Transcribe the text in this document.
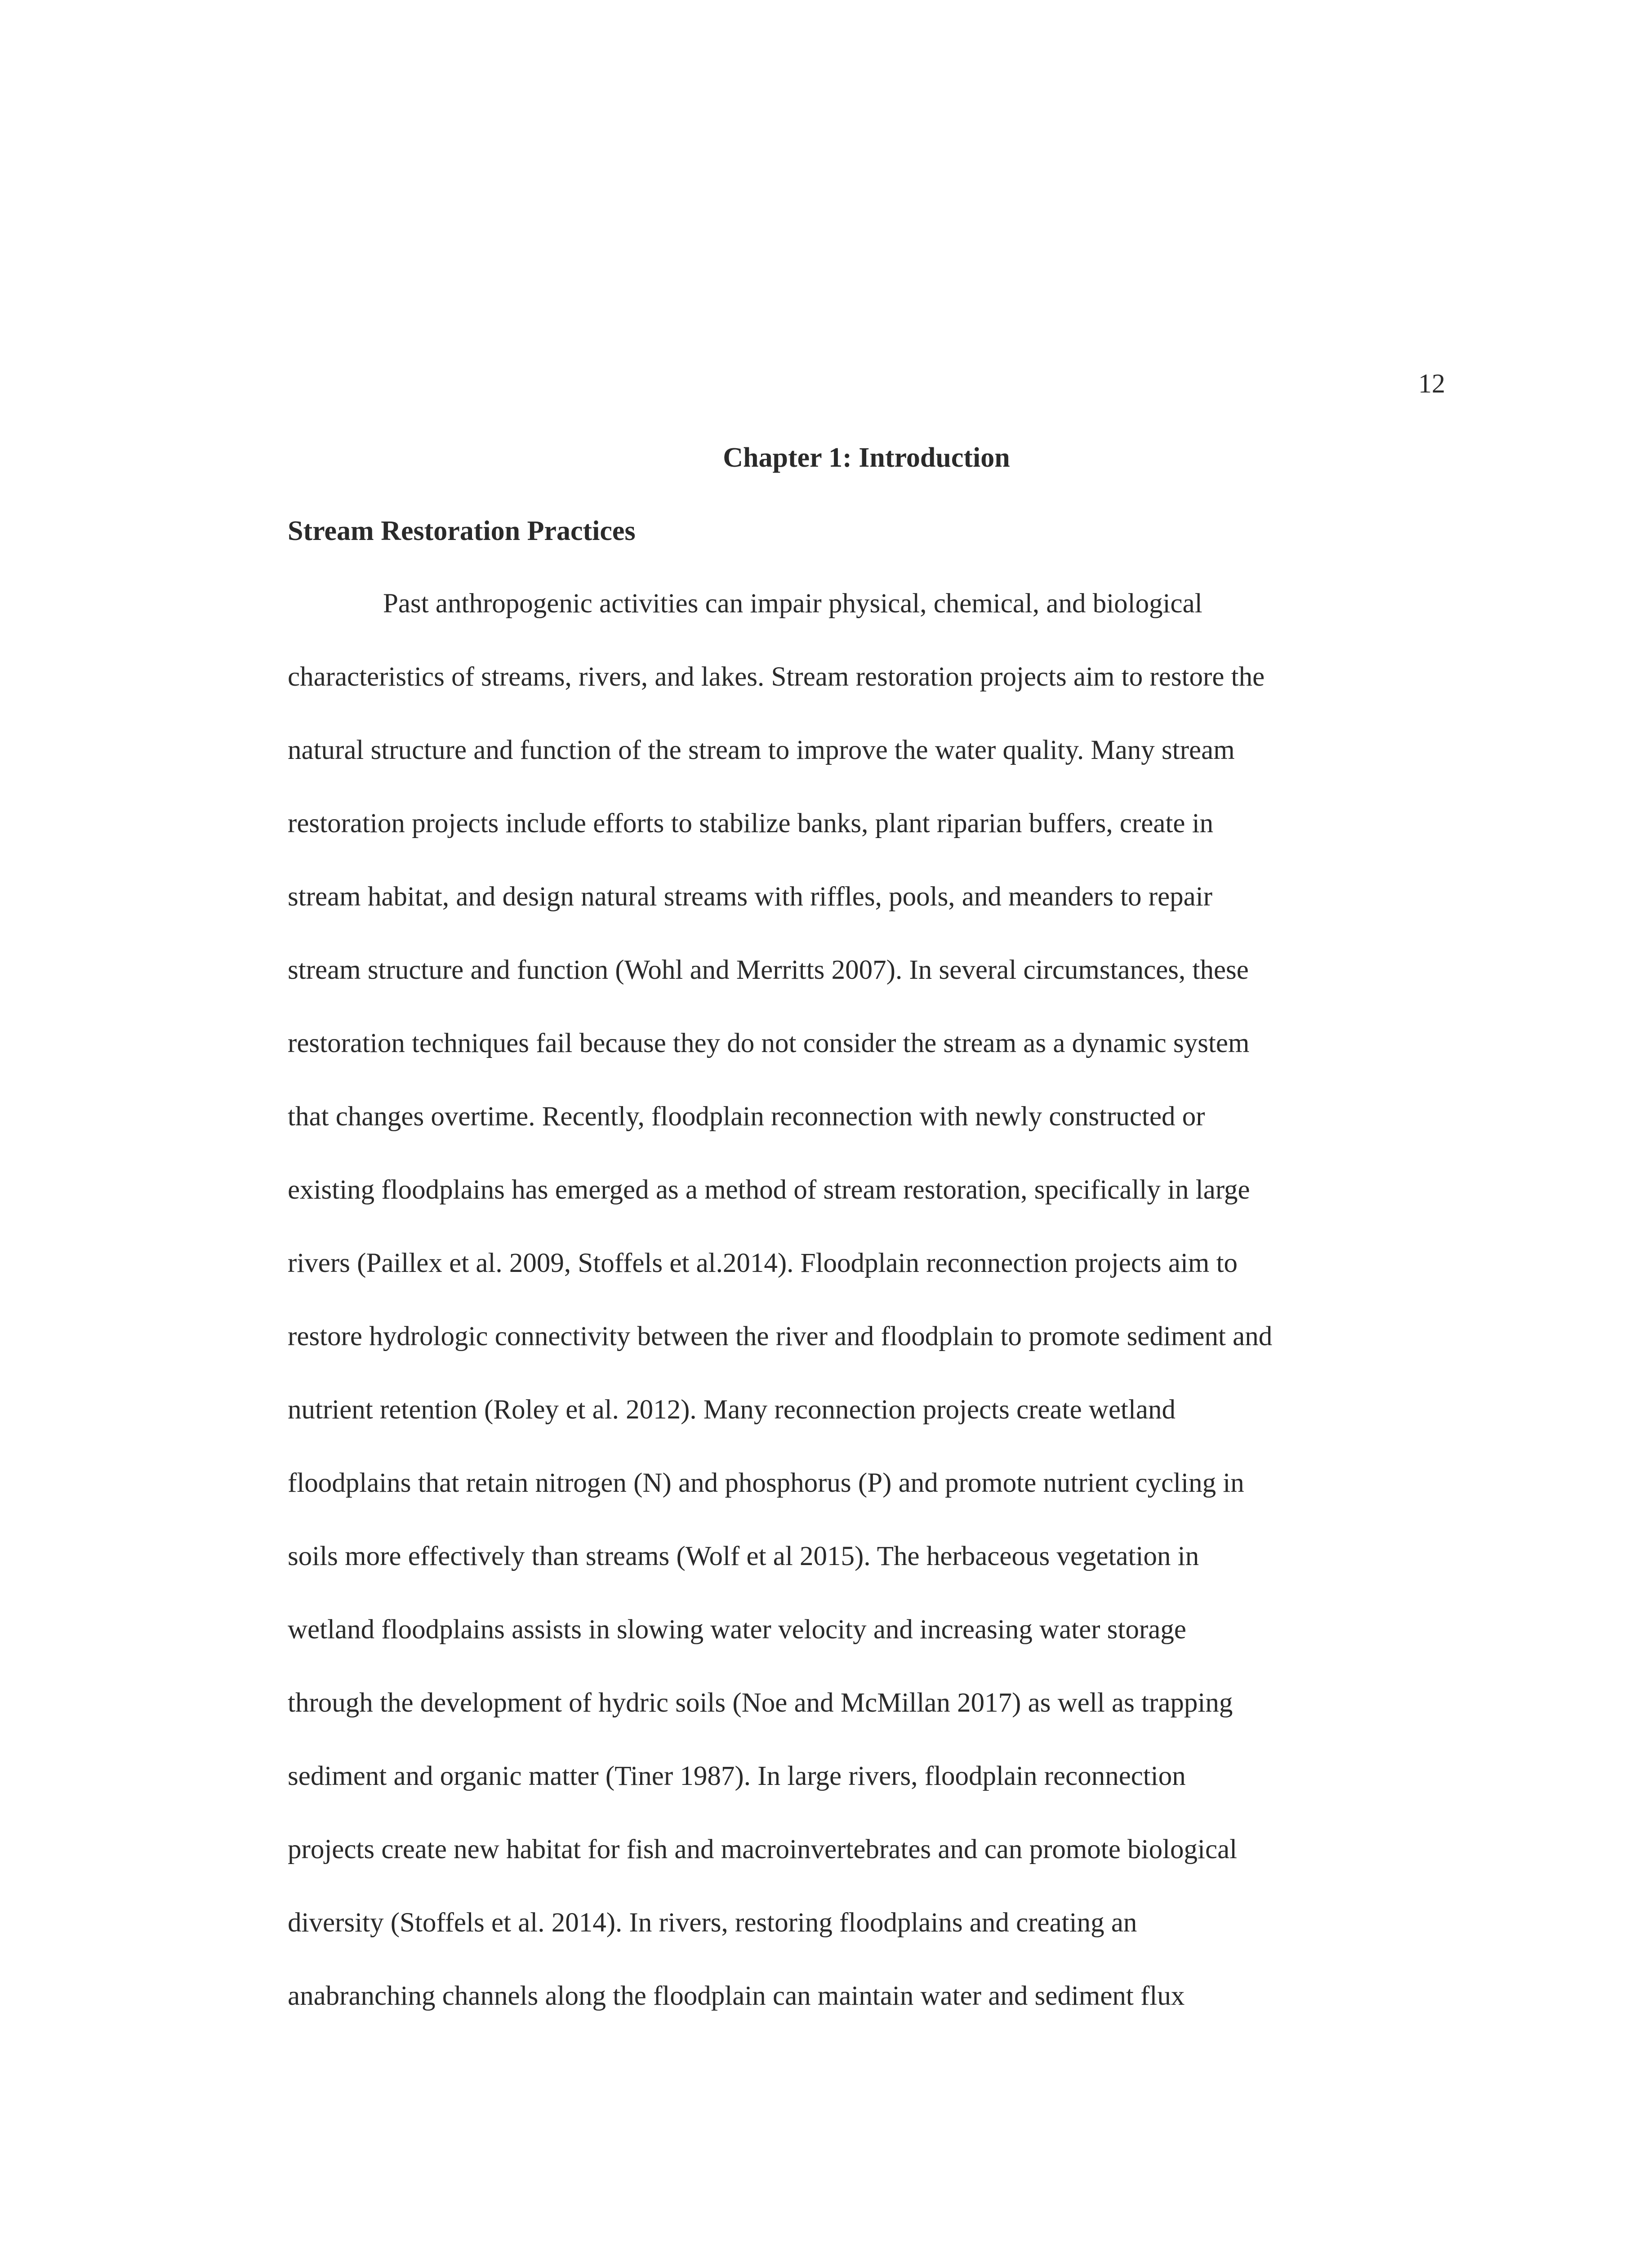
12

Chapter 1: Introduction
Stream Restoration Practices
Past anthropogenic activities can impair physical, chemical, and biological
characteristics of streams, rivers, and lakes. Stream restoration projects aim to restore the
natural structure and function of the stream to improve the water quality. Many stream
restoration projects include efforts to stabilize banks, plant riparian buffers, create in
stream habitat, and design natural streams with riffles, pools, and meanders to repair
stream structure and function (Wohl and Merritts 2007). In several circumstances, these
restoration techniques fail because they do not consider the stream as a dynamic system
that changes overtime. Recently, floodplain reconnection with newly constructed or
existing floodplains has emerged as a method of stream restoration, specifically in large
rivers (Paillex et al. 2009, Stoffels et al.2014). Floodplain reconnection projects aim to
restore hydrologic connectivity between the river and floodplain to promote sediment and
nutrient retention (Roley et al. 2012). Many reconnection projects create wetland
floodplains that retain nitrogen (N) and phosphorus (P) and promote nutrient cycling in
soils more effectively than streams (Wolf et al 2015). The herbaceous vegetation in
wetland floodplains assists in slowing water velocity and increasing water storage
through the development of hydric soils (Noe and McMillan 2017) as well as trapping
sediment and organic matter (Tiner 1987). In large rivers, floodplain reconnection
projects create new habitat for fish and macroinvertebrates and can promote biological
diversity (Stoffels et al. 2014). In rivers, restoring floodplains and creating an
anabranching channels along the floodplain can maintain water and sediment flux
